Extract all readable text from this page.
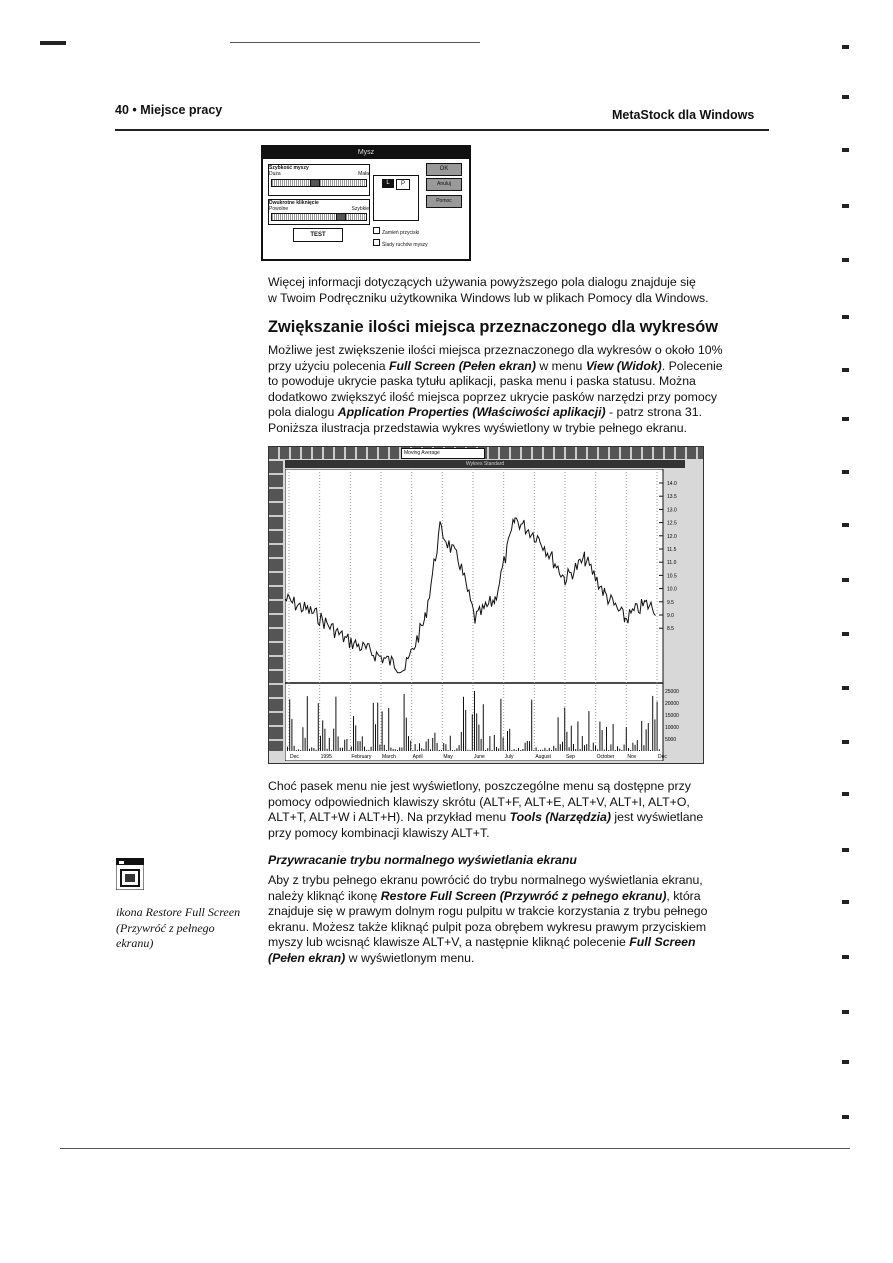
40 • Miejsce pracy	MetaStock dla Windows
Mysz
Szybkość myszy
Duża	Mała
Dwukrotne kliknięcie
Powolne	Szybkie
TEST
L	P
OK
Anuluj
Pomoc
Zamień przyciski
Ślady ruchów myszy
Więcej informacji dotyczących używania powyższego pola dialogu znajduje się
w Twoim Podręczniku użytkownika Windows lub w plikach Pomocy dla Windows.
Zwiększanie ilości miejsca przeznaczonego dla wykresów
Możliwe jest zwiększenie ilości miejsca przeznaczonego dla wykresów o około 10%
przy użyciu polecenia Full Screen (Pełen ekran) w menu View (Widok). Polecenie
to powoduje ukrycie paska tytułu aplikacji, paska menu i paska statusu. Można
dodatkowo zwiększyć ilość miejsca poprzez ukrycie pasków narzędzi przy pomocy
pola dialogu Application Properties (Właściwości aplikacji) - patrz strona 31.
Poniższa ilustracja przedstawia wykres wyświetlony w trybie pełnego ekranu.
Moving Average
Wykres Standard
14.0
13.5
13.0
12.5
12.0
11.5
11.0
10.5
10.0
9.5
9.0
8.5
25000
20000
15000
10000
5000
Dec	1995	February March	April	May	June	July	August	Sep	October	Nov	Dec
Choć pasek menu nie jest wyświetlony, poszczególne menu są dostępne przy
pomocy odpowiednich klawiszy skrótu (ALT+F, ALT+E, ALT+V, ALT+I, ALT+O,
ALT+T, ALT+W i ALT+H). Na przykład menu Tools (Narzędzia) jest wyświetlane
przy pomocy kombinacji klawiszy ALT+T.
Przywracanie trybu normalnego wyświetlania ekranu
Aby z trybu pełnego ekranu powrócić do trybu normalnego wyświetlania ekranu,
należy kliknąć ikonę Restore Full Screen (Przywróć z pełnego ekranu), która
znajduje się w prawym dolnym rogu pulpitu w trakcie korzystania z trybu pełnego
ekranu. Możesz także kliknąć pulpit poza obrębem wykresu prawym przyciskiem
myszy lub wcisnąć klawisze ALT+V, a następnie kliknąć polecenie Full Screen
(Pełen ekran) w wyświetlonym menu.
ikona Restore Full Screen
(Przywróć z pełnego
ekranu)
